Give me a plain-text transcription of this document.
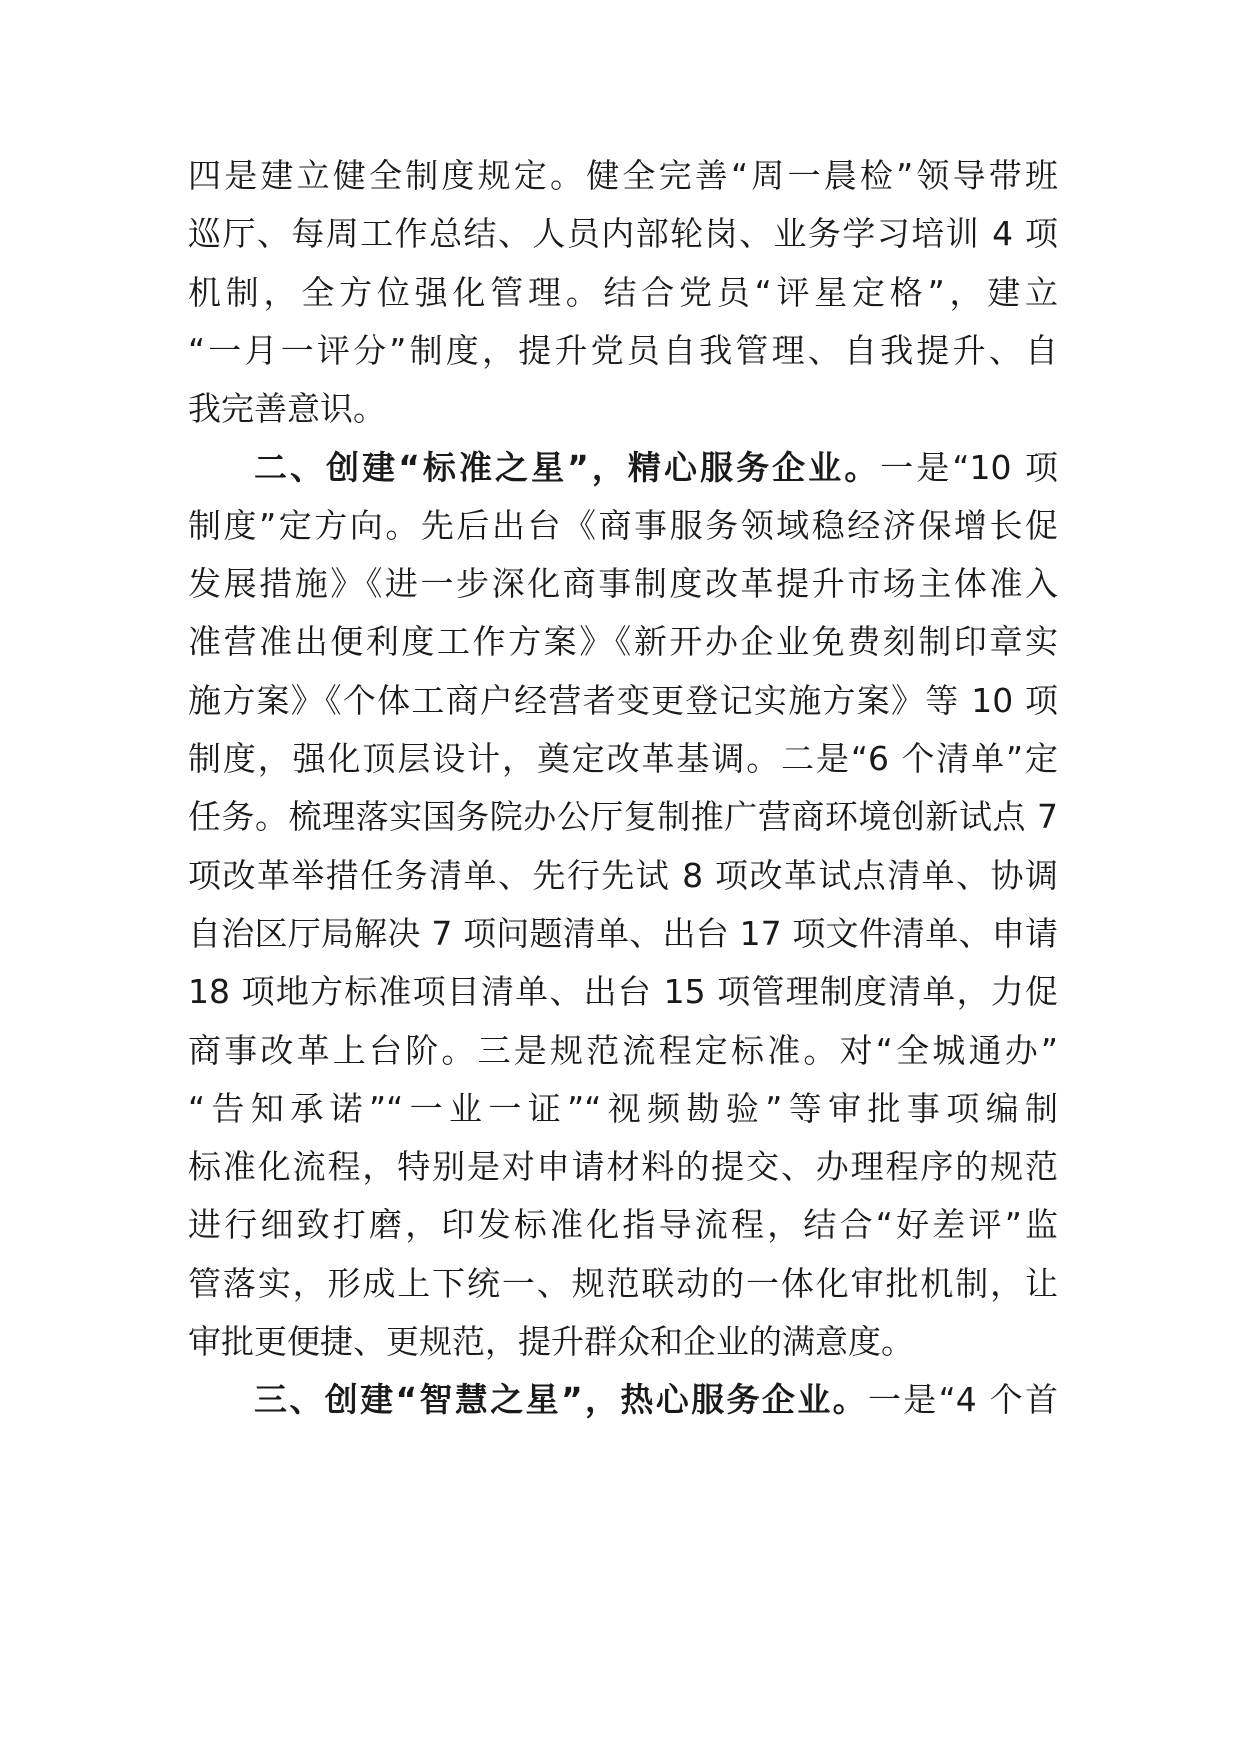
四是建立健全制度规定。健全完善“周一晨检”领导带班
巡厅、每周工作总结、人员内部轮岗、业务学习培训 4 项
机制，全方位强化管理。结合党员“评星定格”，建立
“一月一评分”制度，提升党员自我管理、自我提升、自
我完善意识。
二、创建“标准之星”，精心服务企业。一是“10 项
制度”定方向。先后出台《商事服务领域稳经济保增长促
发展措施》《进一步深化商事制度改革提升市场主体准入
准营准出便利度工作方案》《新开办企业免费刻制印章实
施方案》《个体工商户经营者变更登记实施方案》等 10 项
制度，强化顶层设计，奠定改革基调。二是“6 个清单”定
任务。梳理落实国务院办公厅复制推广营商环境创新试点 7
项改革举措任务清单、先行先试 8 项改革试点清单、协调
自治区厅局解决 7 项问题清单、出台 17 项文件清单、申请
18 项地方标准项目清单、出台 15 项管理制度清单，力促
商事改革上台阶。三是规范流程定标准。对“全城通办”
“告知承诺”“一业一证”“视频勘验”等审批事项编制
标准化流程，特别是对申请材料的提交、办理程序的规范
进行细致打磨，印发标准化指导流程，结合“好差评”监
管落实，形成上下统一、规范联动的一体化审批机制，让
审批更便捷、更规范，提升群众和企业的满意度。
三、创建“智慧之星”，热心服务企业。一是“4 个首
